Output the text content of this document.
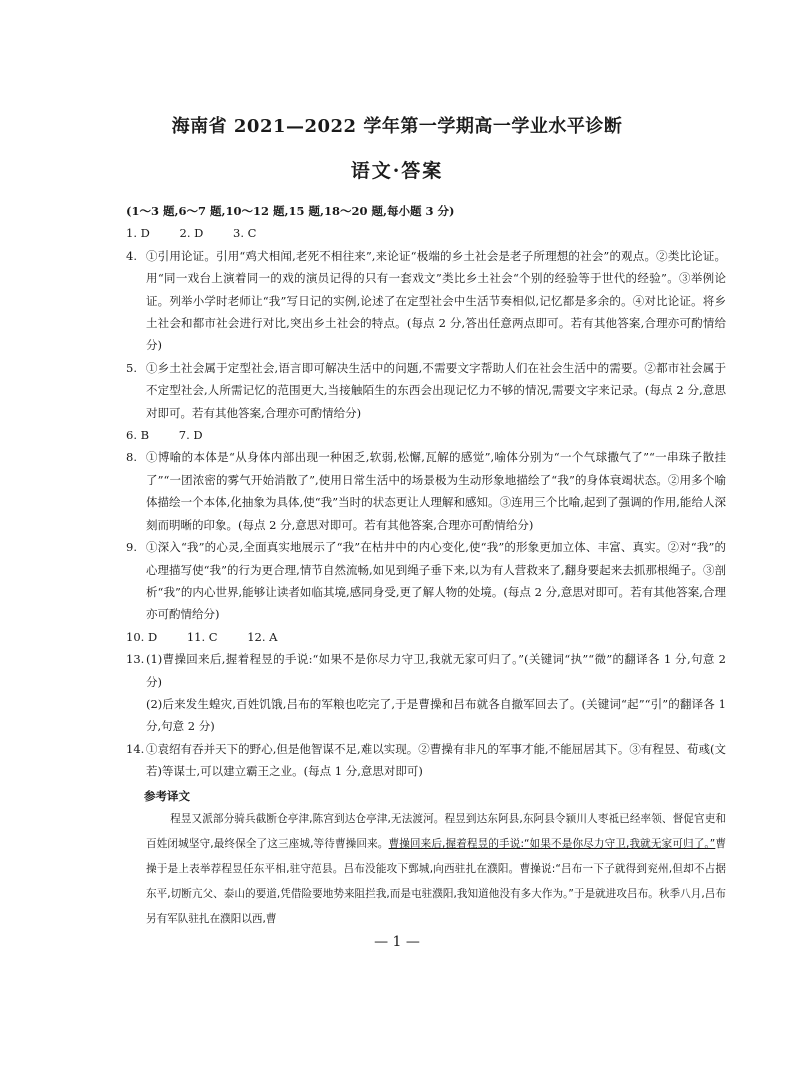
海南省 2021—2022 学年第一学期高一学业水平诊断
语文·答案
(1～3 题,6～7 题,10～12 题,15 题,18～20 题,每小题 3 分)
1. D	2. D	3. C
4. ①引用论证。引用“鸡犬相闻,老死不相往来”,来论证“极端的乡土社会是老子所理想的社会”的观点。②类比论证。用“同一戏台上演着同一的戏的演员记得的只有一套戏文”类比乡土社会“个别的经验等于世代的经验”。③举例论证。列举小学时老师让“我”写日记的实例,论述了在定型社会中生活节奏相似,记忆都是多余的。④对比论证。将乡土社会和都市社会进行对比,突出乡土社会的特点。(每点 2 分,答出任意两点即可。若有其他答案,合理亦可酌情给分)
5. ①乡土社会属于定型社会,语言即可解决生活中的问题,不需要文字帮助人们在社会生活中的需要。②都市社会属于不定型社会,人所需记忆的范围更大,当接触陌生的东西会出现记忆力不够的情况,需要文字来记录。(每点 2 分,意思对即可。若有其他答案,合理亦可酌情给分)
6. B	7. D
8. ①博喻的本体是“从身体内部出现一种困乏,软弱,松懈,瓦解的感觉”,喻体分别为“一个气球撒气了”“一串珠子散挂了”“一团浓密的雾气开始消散了”,使用日常生活中的场景极为生动形象地描绘了“我”的身体衰竭状态。②用多个喻体描绘一个本体,化抽象为具体,使“我”当时的状态更让人理解和感知。③连用三个比喻,起到了强调的作用,能给人深刻而明晰的印象。(每点 2 分,意思对即可。若有其他答案,合理亦可酌情给分)
9. ①深入“我”的心灵,全面真实地展示了“我”在枯井中的内心变化,使“我”的形象更加立体、丰富、真实。②对“我”的心理描写使“我”的行为更合理,情节自然流畅,如见到绳子垂下来,以为有人营救来了,翻身要起来去抓那根绳子。③剖析“我”的内心世界,能够让读者如临其境,感同身受,更了解人物的处境。(每点 2 分,意思对即可。若有其他答案,合理亦可酌情给分)
10. D	11. C	12. A
13. (1)曹操回来后,握着程昱的手说:“如果不是你尽力守卫,我就无家可归了。”(关键词“执”“微”的翻译各 1 分,句意 2 分)
(2)后来发生蝗灾,百姓饥饿,吕布的军粮也吃完了,于是曹操和吕布就各自撤军回去了。(关键词“起”“引”的翻译各 1 分,句意 2 分)
14. ①袁绍有吞并天下的野心,但是他智谋不足,难以实现。②曹操有非凡的军事才能,不能屈居其下。③有程昱、荀彧(文若)等谋士,可以建立霸王之业。(每点 1 分,意思对即可)
参考译文
程昱又派部分骑兵截断仓亭津,陈宫到达仓亭津,无法渡河。程昱到达东阿县,东阿县令颍川人枣祗已经率领、督促官吏和百姓闭城坚守,最终保全了这三座城,等待曹操回来。曹操回来后,握着程昱的手说:“如果不是你尽力守卫,我就无家可归了。”曹操于是上表举荐程昱任东平相,驻守范县。吕布没能攻下鄄城,向西驻扎在濮阳。曹操说:“吕布一下子就得到兖州,但却不占据东平,切断亢父、泰山的要道,凭借险要地势来阻拦我,而是屯驻濮阳,我知道他没有多大作为。”于是就进攻吕布。秋季八月,吕布另有军队驻扎在濮阳以西,曹
— 1 —
